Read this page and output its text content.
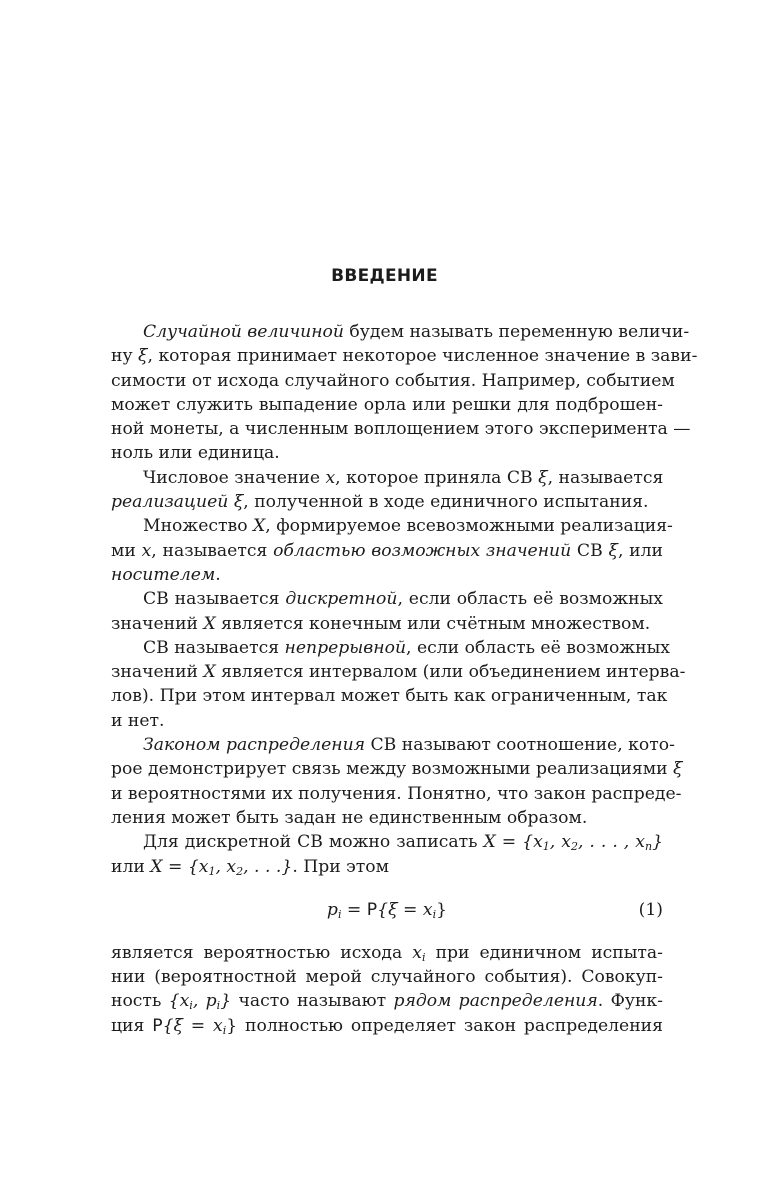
ВВЕДЕНИЕ
Случайной величиной будем называть переменную величи-
ну ξ, которая принимает некоторое численное значение в зави-
симости от исхода случайного события. Например, событием
может служить выпадение орла или решки для подброшен-
ной монеты, а численным воплощением этого эксперимента —
ноль или единица.
Числовое значение x, которое приняла СВ ξ, называется
реализацией ξ, полученной в ходе единичного испытания.
Множество X, формируемое всевозможными реализация-
ми x, называется областью возможных значений СВ ξ, или
носителем.
СВ называется дискретной, если область её возможных
значений X является конечным или счётным множеством.
СВ называется непрерывной, если область её возможных
значений X является интервалом (или объединением интерва-
лов). При этом интервал может быть как ограниченным, так
и нет.
Законом распределения СВ называют соотношение, кото-
рое демонстрирует связь между возможными реализациями ξ
и вероятностями их получения. Понятно, что закон распреде-
ления может быть задан не единственным образом.
Для дискретной СВ можно записать $X = \{x_1$, $x_2$, . . . , $x_n$}
или $X = \{x_1$, $x_2$, . . .}. При этом
$p_i = P\{\xi = x_i\}$	(1)
является вероятностью исхода $x_i$ при единичном испыта-
нии (вероятностной мерой случайного события). Совокуп-
ность {$x_i$, $p_i$} часто называют рядом распределения. Функ-
ция $P\{\xi = x_i\}$ полностью определяет закон распределения
